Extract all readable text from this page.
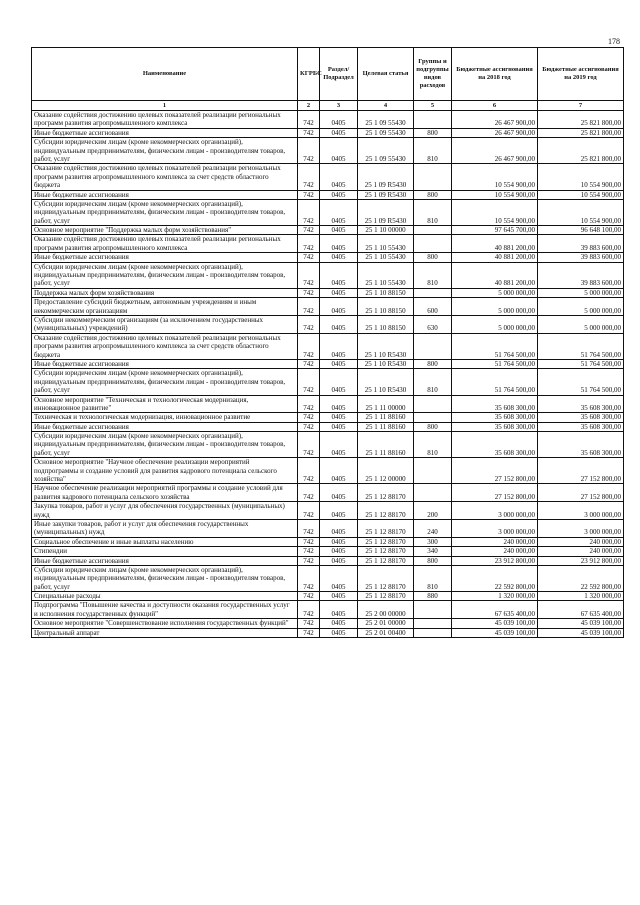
178
Наименование	КГРБС	Раздел/ Подраздел	Целевая статья	Группы и подгруппы видов расходов	Бюджетные ассигнования на 2018 год	Бюджетные ассигнования на 2019 год
1	2	3	4	5	6	7
Оказание содействия достижению целевых показателей реализации региональных программ развития агропромышленного комплекса	742	0405	25 1 09 55430		26 467 900,00	25 821 800,00
Иные бюджетные ассигнования	742	0405	25 1 09 55430	800	26 467 900,00	25 821 800,00
Субсидии юридическим лицам (кроме некоммерческих организаций), индивидуальным предпринимателям, физическим лицам - производителям товаров, работ, услуг	742	0405	25 1 09 55430	810	26 467 900,00	25 821 800,00
Оказание содействия достижению целевых показателей реализации региональных программ развития агропромышленного комплекса за счет средств областного бюджета	742	0405	25 1 09 R5430		10 554 900,00	10 554 900,00
Иные бюджетные ассигнования	742	0405	25 1 09 R5430	800	10 554 900,00	10 554 900,00
Субсидии юридическим лицам (кроме некоммерческих организаций), индивидуальным предпринимателям, физическим лицам - производителям товаров, работ, услуг	742	0405	25 1 09 R5430	810	10 554 900,00	10 554 900,00
Основное мероприятие "Поддержка малых форм хозяйствования"	742	0405	25 1 10 00000		97 645 700,00	96 648 100,00
Оказание содействия достижению целевых показателей реализации региональных программ развития агропромышленного комплекса	742	0405	25 1 10 55430		40 881 200,00	39 883 600,00
Иные бюджетные ассигнования	742	0405	25 1 10 55430	800	40 881 200,00	39 883 600,00
Субсидии юридическим лицам (кроме некоммерческих организаций), индивидуальным предпринимателям, физическим лицам - производителям товаров, работ, услуг	742	0405	25 1 10 55430	810	40 881 200,00	39 883 600,00
Поддержка малых форм хозяйствования	742	0405	25 1 10 88150		5 000 000,00	5 000 000,00
Предоставление субсидий бюджетным, автономным учреждениям и иным некоммерческим организациям	742	0405	25 1 10 88150	600	5 000 000,00	5 000 000,00
Субсидии некоммерческим организациям (за исключением государственных (муниципальных) учреждений)	742	0405	25 1 10 88150	630	5 000 000,00	5 000 000,00
Оказание содействия достижению целевых показателей реализации региональных программ развития агропромышленного комплекса за счет средств областного бюджета	742	0405	25 1 10 R5430		51 764 500,00	51 764 500,00
Иные бюджетные ассигнования	742	0405	25 1 10 R5430	800	51 764 500,00	51 764 500,00
Субсидии юридическим лицам (кроме некоммерческих организаций), индивидуальным предпринимателям, физическим лицам - производителям товаров, работ, услуг	742	0405	25 1 10 R5430	810	51 764 500,00	51 764 500,00
Основное мероприятие "Техническая и технологическая модернизация, инновационное развитие"	742	0405	25 1 11 00000		35 608 300,00	35 608 300,00
Техническая и технологическая модернизация, инновационное развитие	742	0405	25 1 11 88160		35 608 300,00	35 608 300,00
Иные бюджетные ассигнования	742	0405	25 1 11 88160	800	35 608 300,00	35 608 300,00
Субсидии юридическим лицам (кроме некоммерческих организаций), индивидуальным предпринимателям, физическим лицам - производителям товаров, работ, услуг	742	0405	25 1 11 88160	810	35 608 300,00	35 608 300,00
Основное мероприятие "Научное обеспечение реализации мероприятий подпрограммы и создание условий для развития кадрового потенциала сельского хозяйства"	742	0405	25 1 12 00000		27 152 800,00	27 152 800,00
Научное обеспечение реализации мероприятий программы и создание условий для развития кадрового потенциала сельского хозяйства	742	0405	25 1 12 88170		27 152 800,00	27 152 800,00
Закупка товаров, работ и услуг для обеспечения государственных (муниципальных) нужд	742	0405	25 1 12 88170	200	3 000 000,00	3 000 000,00
Иные закупки товаров, работ и услуг для обеспечения государственных (муниципальных) нужд	742	0405	25 1 12 88170	240	3 000 000,00	3 000 000,00
Социальное обеспечение и иные выплаты населению	742	0405	25 1 12 88170	300	240 000,00	240 000,00
Стипендии	742	0405	25 1 12 88170	340	240 000,00	240 000,00
Иные бюджетные ассигнования	742	0405	25 1 12 88170	800	23 912 800,00	23 912 800,00
Субсидии юридическим лицам (кроме некоммерческих организаций), индивидуальным предпринимателям, физическим лицам - производителям товаров, работ, услуг	742	0405	25 1 12 88170	810	22 592 800,00	22 592 800,00
Специальные расходы	742	0405	25 1 12 88170	880	1 320 000,00	1 320 000,00
Подпрограмма "Повышение качества и доступности оказания государственных услуг и исполнения государственных функций"	742	0405	25 2 00 00000		67 635 400,00	67 635 400,00
Основное мероприятие "Совершенствование исполнения государственных функций"	742	0405	25 2 01 00000		45 039 100,00	45 039 100,00
Центральный аппарат	742	0405	25 2 01 00400		45 039 100,00	45 039 100,00
